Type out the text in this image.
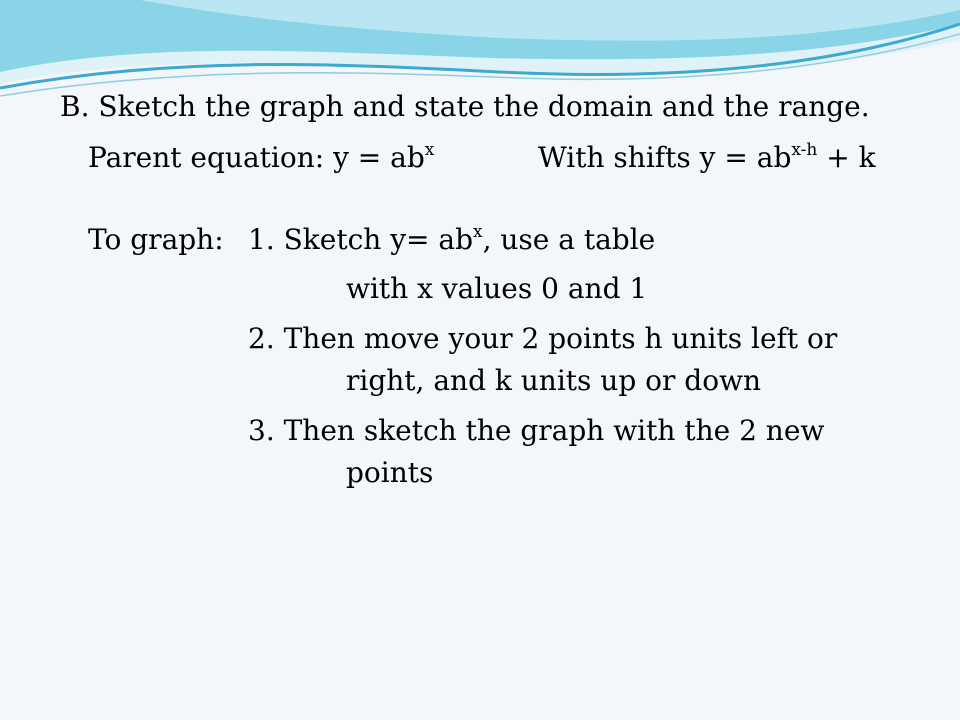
B. Sketch the graph and state the domain and the range.
Parent equation: $y = ab^x$	With shifts $y = ab^{x-h} + k$
To graph: 1. Sketch $y= ab^x$, use a table
with x values 0 and 1
2. Then move your 2 points h units left or
right, and k units up or down
3. Then sketch the graph with the 2 new
points
